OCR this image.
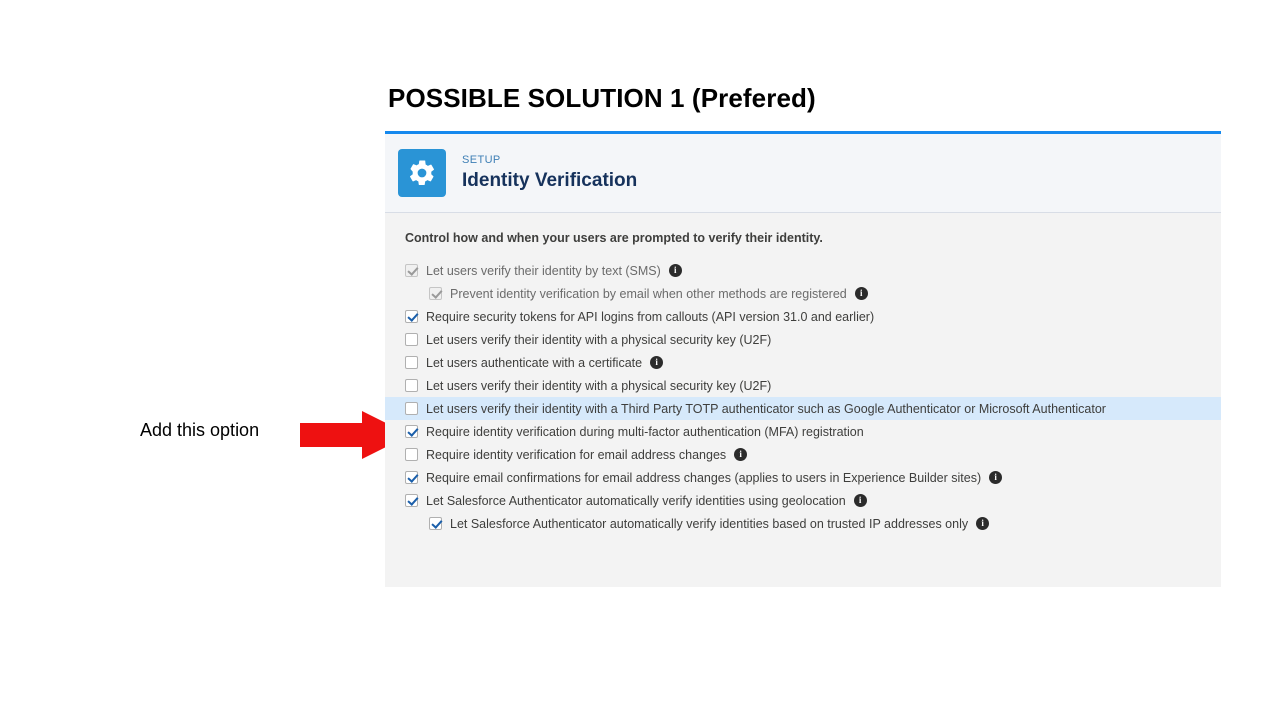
POSSIBLE SOLUTION 1 (Prefered)
Add this option
SETUP
Identity Verification
Control how and when your users are prompted to verify their identity.
Let users verify their identity by text (SMS)	i
Prevent identity verification by email when other methods are registered	i
Require security tokens for API logins from callouts (API version 31.0 and earlier)
Let users verify their identity with a physical security key (U2F)
Let users authenticate with a certificate	i
Let users verify their identity with a physical security key (U2F)
Let users verify their identity with a Third Party TOTP authenticator such as Google Authenticator or Microsoft Authenticator
Require identity verification during multi-factor authentication (MFA) registration
Require identity verification for email address changes	i
Require email confirmations for email address changes (applies to users in Experience Builder sites)	i
Let Salesforce Authenticator automatically verify identities using geolocation	i
Let Salesforce Authenticator automatically verify identities based on trusted IP addresses only	i
